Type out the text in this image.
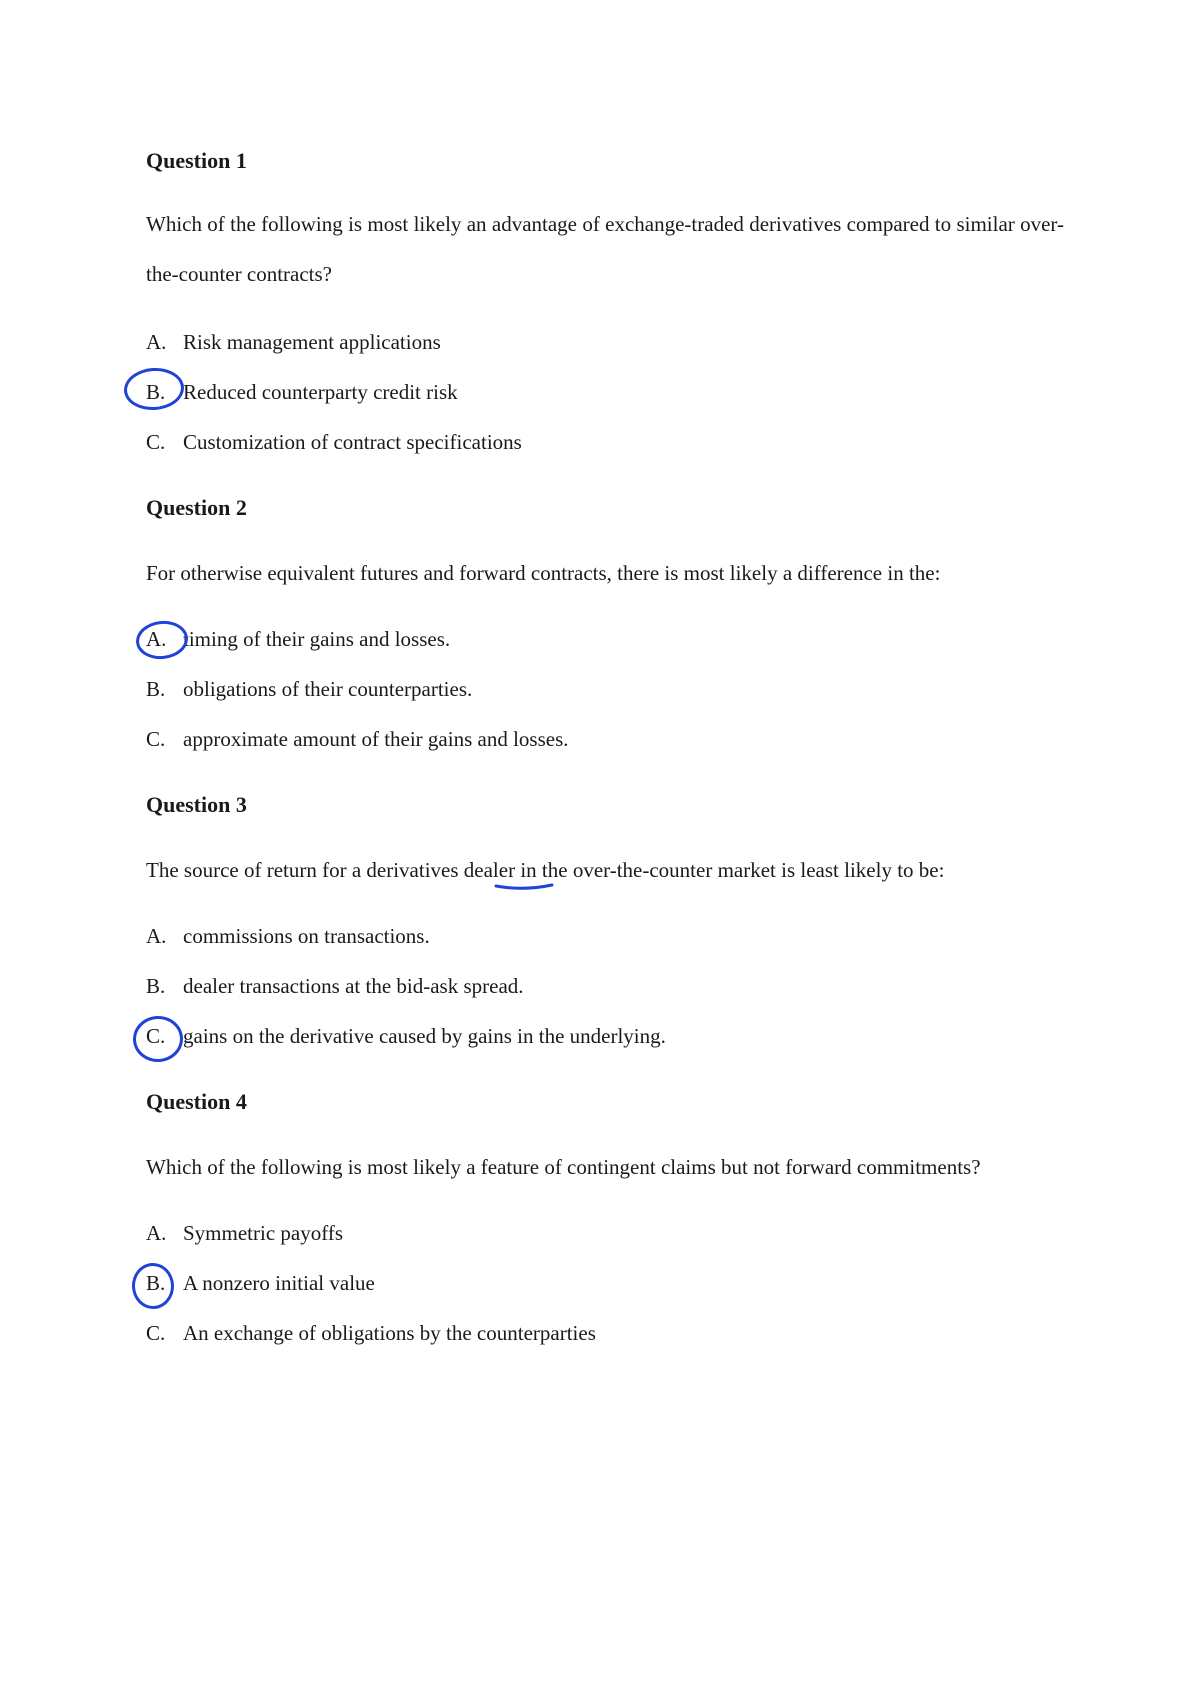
Question 1

Which of the following is most likely an advantage of exchange-traded derivatives compared to similar over-the-counter contracts?

A. Risk management applications

B. Reduced counterparty credit risk

C. Customization of contract specifications

Question 2

For otherwise equivalent futures and forward contracts, there is most likely a difference in the:

A. timing of their gains and losses.

B. obligations of their counterparties.

C. approximate amount of their gains and losses.

Question 3

The source of return for a derivatives dealer in the over-the-counter market is least likely to be:

A. commissions on transactions.

B. dealer transactions at the bid-ask spread.

C. gains on the derivative caused by gains in the underlying.

Question 4

Which of the following is most likely a feature of contingent claims but not forward commitments?

A. Symmetric payoffs

B. A nonzero initial value

C. An exchange of obligations by the counterparties
